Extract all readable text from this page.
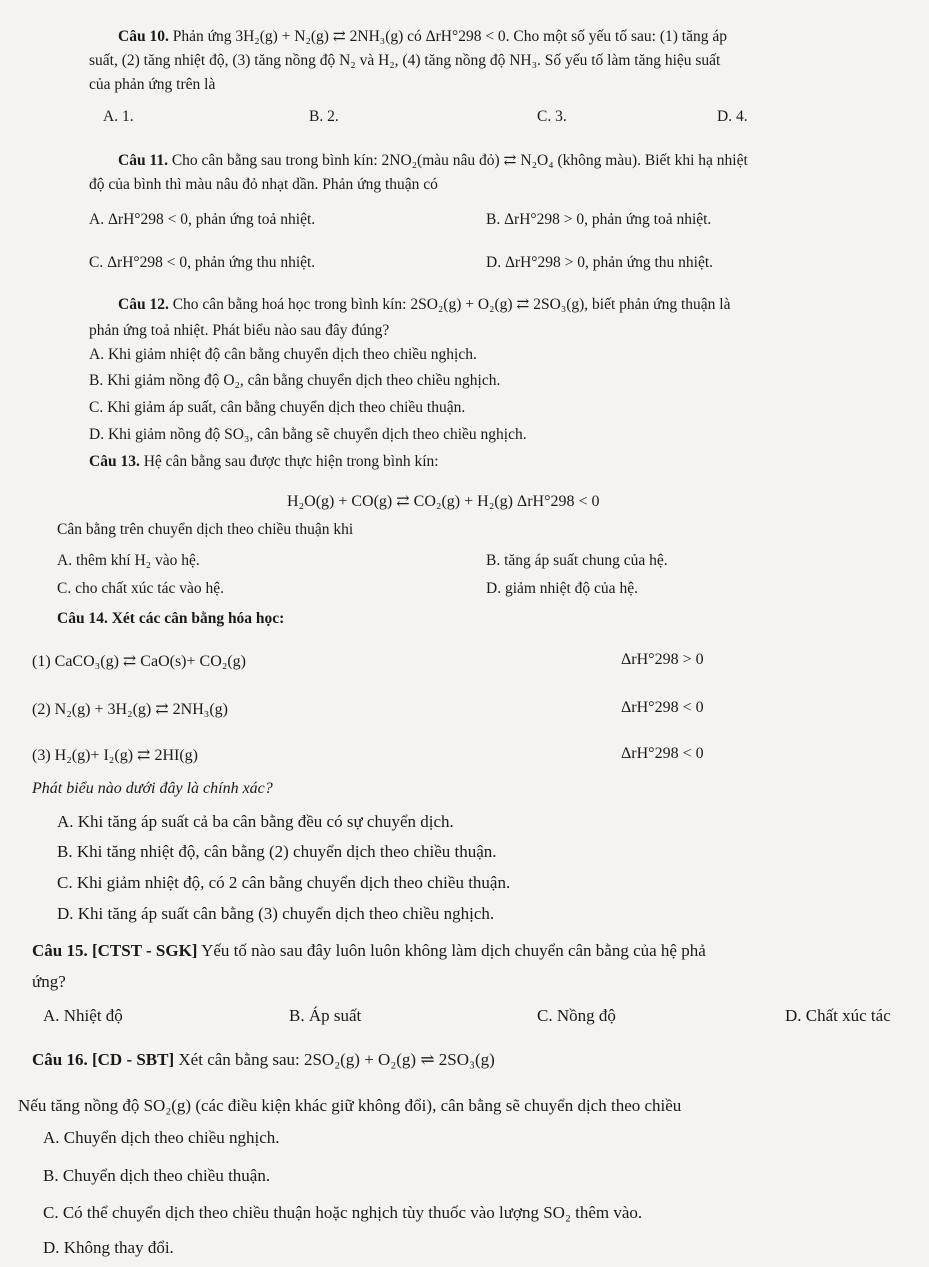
Câu 10. Phản ứng 3H₂(g) + N₂(g) ⇄ 2NH₃(g) có ΔrH°298 < 0. Cho một số yếu tố sau: (1) tăng áp
suất, (2) tăng nhiệt độ, (3) tăng nồng độ N₂ và H₂, (4) tăng nồng độ NH₃. Số yếu tố làm tăng hiệu suất
của phản ứng trên là
A. 1.	B. 2.	C. 3.	D. 4.
Câu 11. Cho cân bằng sau trong bình kín: 2NO₂(màu nâu đỏ) ⇄ N₂O₄ (không màu). Biết khi hạ nhiệt
độ của bình thì màu nâu đỏ nhạt dần. Phản ứng thuận có
A. ΔrH°298 < 0, phản ứng toả nhiệt.	B. ΔrH°298 > 0, phản ứng toả nhiệt.
C. ΔrH°298 < 0, phản ứng thu nhiệt.	D. ΔrH°298 > 0, phản ứng thu nhiệt.
Câu 12. Cho cân bằng hoá học trong bình kín: 2SO₂(g) + O₂(g) ⇄ 2SO₃(g), biết phản ứng thuận là
phản ứng toả nhiệt. Phát biểu nào sau đây đúng?
A. Khi giảm nhiệt độ cân bằng chuyển dịch theo chiều nghịch.
B. Khi giảm nồng độ O₂, cân bằng chuyển dịch theo chiều nghịch.
C. Khi giảm áp suất, cân bằng chuyển dịch theo chiều thuận.
D. Khi giảm nồng độ SO₃, cân bằng sẽ chuyển dịch theo chiều nghịch.
Câu 13. Hệ cân bằng sau được thực hiện trong bình kín:
H₂O(g) + CO(g) ⇄ CO₂(g) + H₂(g) ΔrH°298 < 0
Cân bằng trên chuyển dịch theo chiều thuận khi
A. thêm khí H₂ vào hệ.	B. tăng áp suất chung của hệ.
C. cho chất xúc tác vào hệ.	D. giảm nhiệt độ của hệ.
Câu 14. Xét các cân bằng hóa học:
(1) CaCO₃(g) ⇄ CaO(s)+ CO₂(g)	ΔrH°298 > 0
(2) N₂(g) + 3H₂(g) ⇄ 2NH₃(g)	ΔrH°298 < 0
(3) H₂(g)+ I₂(g) ⇄ 2HI(g)	ΔrH°298 < 0
Phát biểu nào dưới đây là chính xác?
A. Khi tăng áp suất cả ba cân bằng đều có sự chuyển dịch.
B. Khi tăng nhiệt độ, cân bằng (2) chuyển dịch theo chiều thuận.
C. Khi giảm nhiệt độ, có 2 cân bằng chuyển dịch theo chiều thuận.
D. Khi tăng áp suất cân bằng (3) chuyển dịch theo chiều nghịch.
Câu 15. [CTST - SGK] Yếu tố nào sau đây luôn luôn không làm dịch chuyển cân bằng của hệ phả
ứng?
A. Nhiệt độ	B. Áp suất	C. Nồng độ	D. Chất xúc tác
Câu 16. [CD - SBT] Xét cân bằng sau: 2SO₂(g) + O₂(g) ⇌ 2SO₃(g)
Nếu tăng nồng độ SO₂(g) (các điều kiện khác giữ không đổi), cân bằng sẽ chuyển dịch theo chiều
A. Chuyển dịch theo chiều nghịch.
B. Chuyển dịch theo chiều thuận.
C. Có thể chuyển dịch theo chiều thuận hoặc nghịch tùy thuốc vào lượng SO₂ thêm vào.
D. Không thay đổi.
